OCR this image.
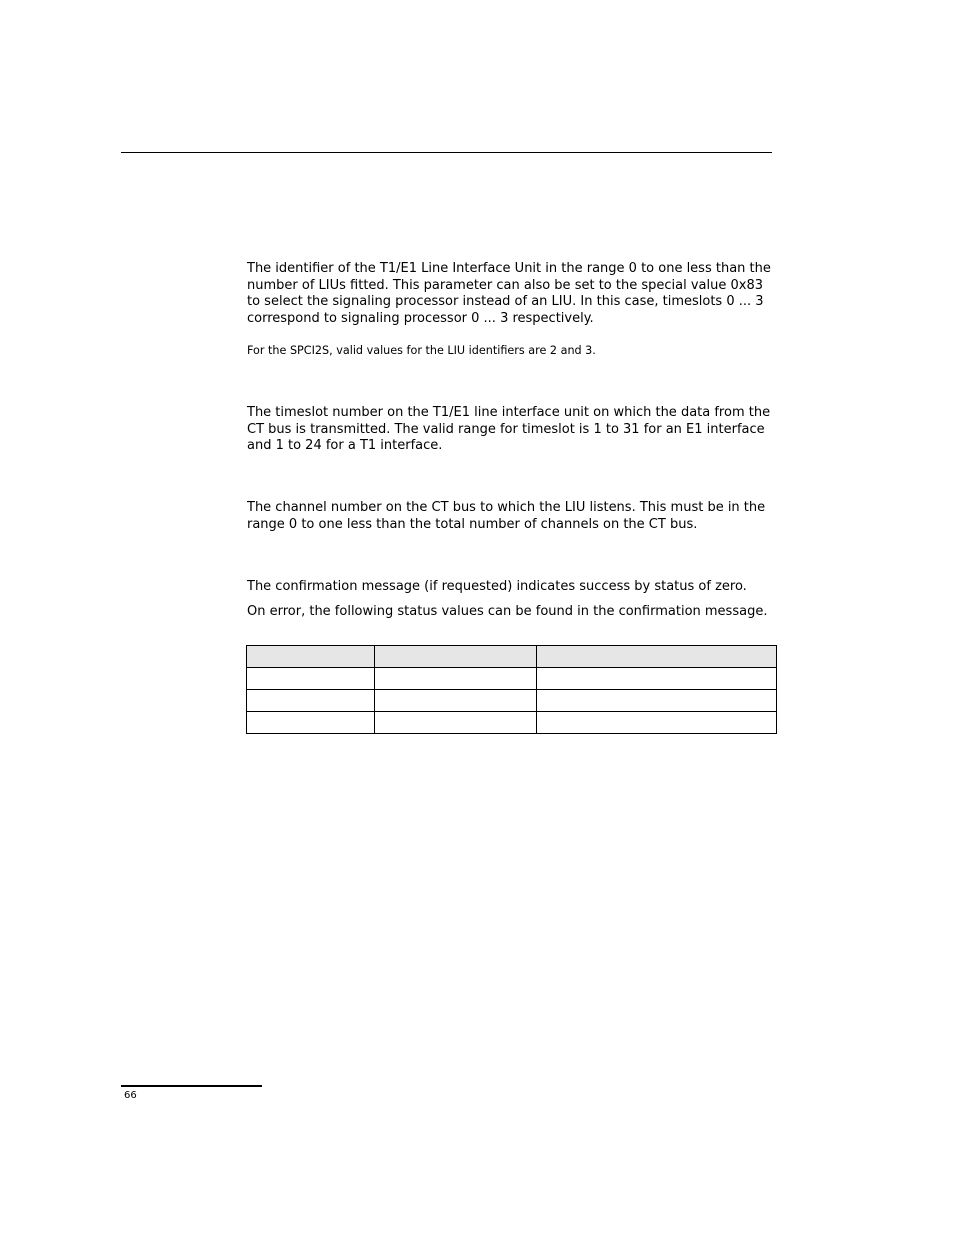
The identifier of the T1/E1 Line Interface Unit in the range 0 to one less than the number of LIUs fitted. This parameter can also be set to the special value 0x83 to select the signaling processor instead of an LIU. In this case, timeslots 0 ... 3 correspond to signaling processor 0 ... 3 respectively.

For the SPCI2S, valid values for the LIU identifiers are 2 and 3.

The timeslot number on the T1/E1 line interface unit on which the data from the CT bus is transmitted. The valid range for timeslot is 1 to 31 for an E1 interface and 1 to 24 for a T1 interface.

The channel number on the CT bus to which the LIU listens. This must be in the range 0 to one less than the total number of channels on the CT bus.

The confirmation message (if requested) indicates success by status of zero.

On error, the following status values can be found in the confirmation message.

66
